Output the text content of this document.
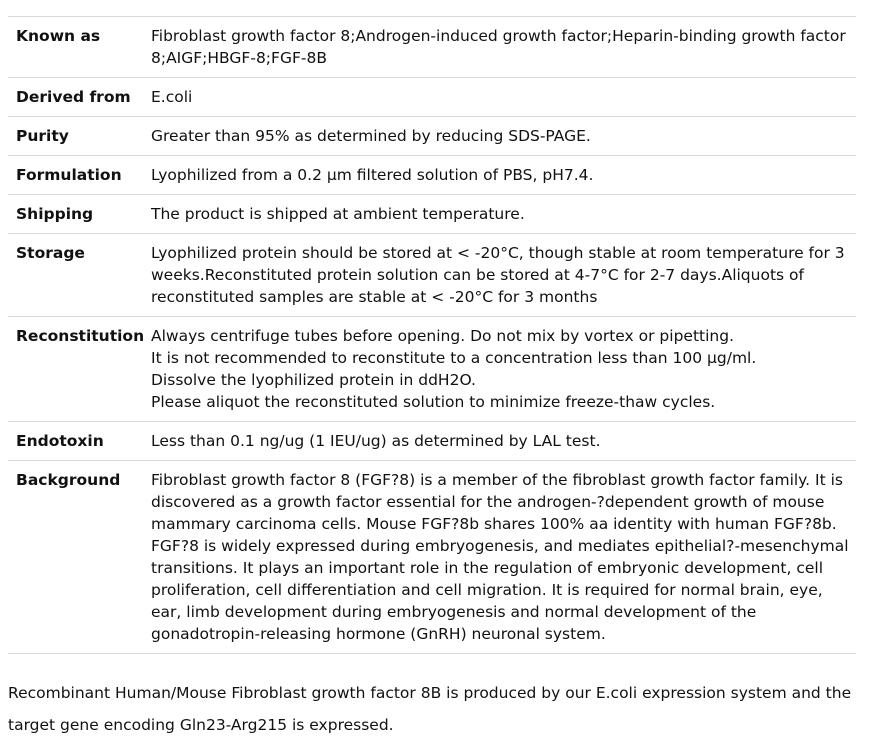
Known as	Fibroblast growth factor 8;Androgen-induced growth factor;Heparin-binding growth factor 8;AIGF;HBGF-8;FGF-8B
Derived from	E.coli
Purity	Greater than 95% as determined by reducing SDS-PAGE.
Formulation	Lyophilized from a 0.2 μm filtered solution of PBS, pH7.4.
Shipping	The product is shipped at ambient temperature.
Storage	Lyophilized protein should be stored at < -20°C, though stable at room temperature for 3 weeks.Reconstituted protein solution can be stored at 4-7°C for 2-7 days.Aliquots of reconstituted samples are stable at < -20°C for 3 months
Reconstitution	Always centrifuge tubes before opening. Do not mix by vortex or pipetting.
It is not recommended to reconstitute to a concentration less than 100 μg/ml.
Dissolve the lyophilized protein in ddH2O.
Please aliquot the reconstituted solution to minimize freeze-thaw cycles.

Endotoxin	Less than 0.1 ng/ug (1 IEU/ug) as determined by LAL test.
Background	Fibroblast growth factor 8 (FGF?8) is a member of the fibroblast growth factor family. It is discovered as a growth factor essential for the androgen-?dependent growth of mouse mammary carcinoma cells. Mouse FGF?8b shares 100% aa identity with human FGF?8b. FGF?8 is widely expressed during embryogenesis, and mediates epithelial?-mesenchymal transitions. It plays an important role in the regulation of embryonic development, cell proliferation, cell differentiation and cell migration. It is required for normal brain, eye, ear, limb development during embryogenesis and normal development of the gonadotropin-releasing hormone (GnRH) neuronal system.

Recombinant Human/Mouse Fibroblast growth factor 8B is produced by our E.coli expression system and the target gene encoding Gln23-Arg215 is expressed.
